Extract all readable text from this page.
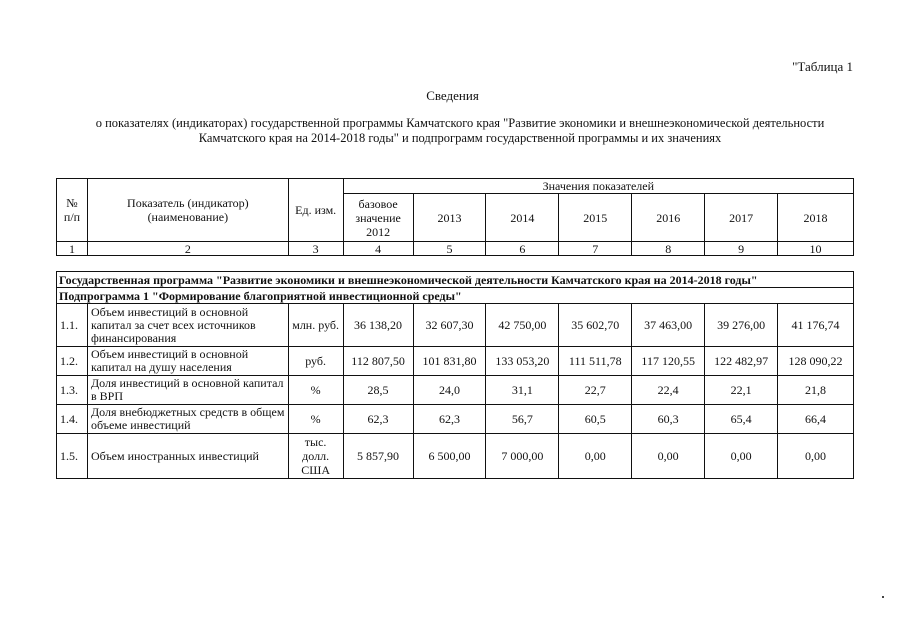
"Таблица 1
Сведения
о показателях (индикаторах) государственной программы Камчатского края "Развитие экономики и внешнеэкономической деятельности
Камчатского края на 2014-2018 годы" и подпрограмм государственной программы и их значениях
№ п/п	Показатель (индикатор) (наименование)	Ед. изм.	Значения показателей						
			базовое значение 2012	2013	2014	2015	2016	2017	2018
1	2	3	4	5	6	7	8	9	10
Государственная программа "Развитие экономики и внешнеэкономической деятельности Камчатского края на 2014-2018 годы"									
Подпрограмма 1 "Формирование благоприятной инвестиционной среды"									
1.1.	Объем инвестиций в основной капитал за счет всех источников финансирования	млн. руб.	36 138,20	32 607,30	42 750,00	35 602,70	37 463,00	39 276,00	41 176,74
1.2.	Объем инвестиций в основной капитал на душу населения	руб.	112 807,50	101 831,80	133 053,20	111 511,78	117 120,55	122 482,97	128 090,22
1.3.	Доля инвестиций в основной капитал в ВРП	%	28,5	24,0	31,1	22,7	22,4	22,1	21,8
1.4.	Доля внебюджетных средств в общем объеме инвестиций	%	62,3	62,3	56,7	60,5	60,3	65,4	66,4
1.5.	Объем иностранных инвестиций	тыс. долл. США	5 857,90	6 500,00	7 000,00	0,00	0,00	0,00	0,00
